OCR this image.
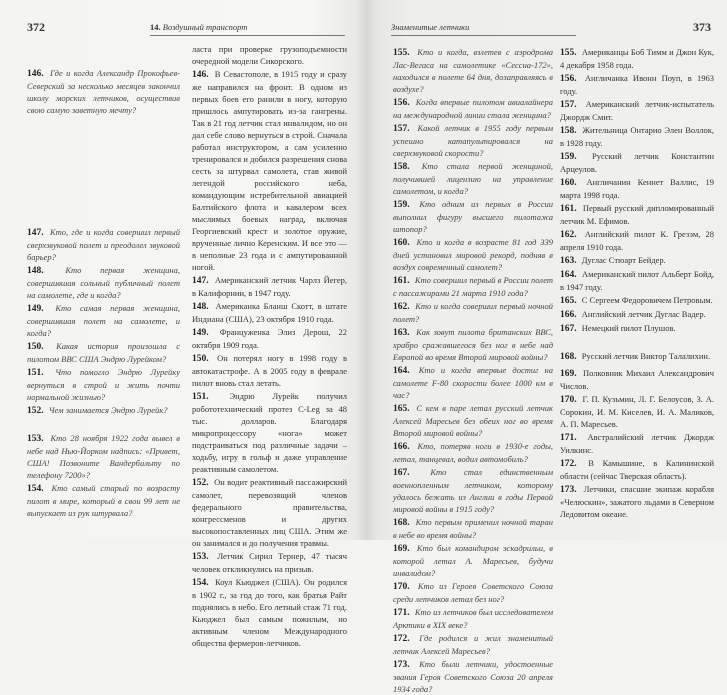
372	14. Воздушный транспорт
146. Где и когда Александр Прокофьев-Северский за несколько месяцев закончил школу морских летчиков, осуществив свою самую заветную мечту?
147. Кто, где и когда совершил первый сверхзвуковой полет и преодолел звуковой барьер?
148.	Кто первая женщина, совершившая сольный публичный полет на самолете, где и когда?
149. Кто самая первая женщина, совершившая полет на самолете, и когда?
150. Какая история произошла с пилотом ВВС США Эндрю Лурейком?
151. Что помогло Эндрю Лурейку вернуться в строй и жить почти нормальной жизнью?
152. Чем занимается Эндрю Лурейк?
153. Кто 28 ноября 1922 года вывел в небе над Нью-Йорком надпись: «Привет, США! Позвоните Вандербильту по телефону 7200»?
154. Кто самый старый по возрасту пилот в мире, который в свои 99 лет не выпускает из рук штурвала?
ласта при проверке грузоподъемности очередной модели Сикорского.
146. В Севастополе, в 1915 году и сразу же направился на фронт. В одном из первых боев его ранили в ногу, которую пришлось ампутировать из-за гангрены. Так в 21 год летчик стал инвалидом, но он дал себе слово вернуться в строй. Сначала работал инструктором, а сам усиленно тренировался и добился разрешения снова сесть за штурвал самолета, став живой легендой российского неба, командующим истребительной авиацией Балтийского флота и кавалером всех мыслимых боевых наград, включая Георгиевский крест и золотое оружие, врученные лично Керенским. И все это — в неполные 23 года и с ампутированной ногой.
147. Американский летчик Чарлз Йегер, в Калифорнии, в 1947 году.
148. Американка Бланш Скотт, в штате Индиана (США), 23 октября 1910 года.
149. Француженка Элиз Дерош, 22 октября 1909 года.
150. Он потерял ногу в 1998 году в автокатастрофе. А в 2005 году в феврале пилот вновь стал летать.
151. Эндрю Лурейк получил робототехнический протез C-Leg за 48 тыс. долларов. Благодаря микропроцессору «нога» может подстраиваться под различные задачи – ходьбу, игру в гольф и даже управление реактивным самолетом.
152. Он водит реактивный пассажирский самолет, перевозящий членов федерального правительства, конгрессменов и других высокопоставленных лиц США. Этим же он занимался и до получения травмы.
153. Летчик Сирил Тернер, 47 тысяч человек откликнулись на призыв.
154. Коул Кьюджел (США). Он родился в 1902 г., за год до того, как братья Райт поднялись в небо. Его летный стаж 71 год. Кьюджел был самым пожилым, но активным членом Международного общества фермеров-летчиков.
Знаменитые летчики	373
155. Кто и когда, взлетев с аэродрома Лас-Вегаса на самолетике «Сессна-172», находился в полете 64 дня, дозаправляясь в воздухе?
156. Когда впервые пилотом авиалайнера на международной линии стала женщина?
157. Какой летчик в 1955 году первым успешно катапультировался на сверхзвуковой скорости?
158. Кто стала первой женщиной, получившей лицензию на управление самолетом, и когда?
159. Кто одним из первых в России выполнил фигуру высшего пилотажа штопор?
160. Кто и когда в возрасте 81 год 339 дней установил мировой рекорд, подняв в воздух современный самолет?
161. Кто совершил первый в России полет с пассажирами 21 марта 1910 года?
162. Кто и когда совершил первый ночной полет?
163. Как зовут пилота британских ВВС, храбро сражавшегося без ног в небе над Европой во время Второй мировой войны?
164. Кто и когда впервые достиг на самолете F-80 скорости более 1000 км в час?
165. С кем в паре летал русский летчик Алексей Маресьев без обеих ног во время Второй мировой войны?
166. Кто, потеряв ноги в 1930-е годы, летал, танцевал, водил автомобиль?
167. Кто стал единственным военнопленным летчиком, которому удалось бежать из Англии в годы Первой мировой войны в 1915 году?
168. Кто первым применил ночной таран в небе во время войны?
169. Кто был командиром эскадрильи, в которой летал А. Маресьев, будучи инвалидом?
170. Кто из Героев Советского Союза среди летчиков летал без ног?
171. Кто из летчиков был исследователем Арктики в XIX веке?
172. Где родился и жил знаменитый летчик Алексей Маресьев?
173. Кто были летчики, удостоенные звания Героя Советского Союза 20 апреля 1934 года?
155. Американцы Боб Тимм и Джон Кук, 4 декабря 1958 года.
156. Англичанка Ивонн Поуп, в 1963 году.
157. Американский летчик-испытатель Джордж Смит.
158. Жительница Онтарио Элен Воллок, в 1928 году.
159. Русский летчик Константин Арцеулов.
160. Англичанин Кеннет Валлис, 19 марта 1998 года.
161. Первый русский дипломированный летчик М. Ефимов.
162. Английский пилот К. Грезэм, 28 апреля 1910 года.
163. Дуглас Стюарт Бейдер.
164. Американский пилот Альберт Бойд, в 1947 году.
165. С Сергеем Федоровичем Петровым.
166. Английский летчик Дуглас Вадер.
167. Немецкий пилот Плушов.
168. Русский летчик Виктор Талалихин.
169. Полковник Михаил Александрович Числов.
170. Г. П. Кузьмин, Л. Г. Белоусов, З. А. Сорокин, И. М. Киселев, И. А. Маликов, А. П. Маресьев.
171. Австралийский летчик Джордж Уилкинс.
172. В Камышине, в Калининской области (сейчас Тверская область).
173. Летчики, спасшие экипаж корабля «Челюскин», зажатого льдами в Северном Ледовитом океане.
